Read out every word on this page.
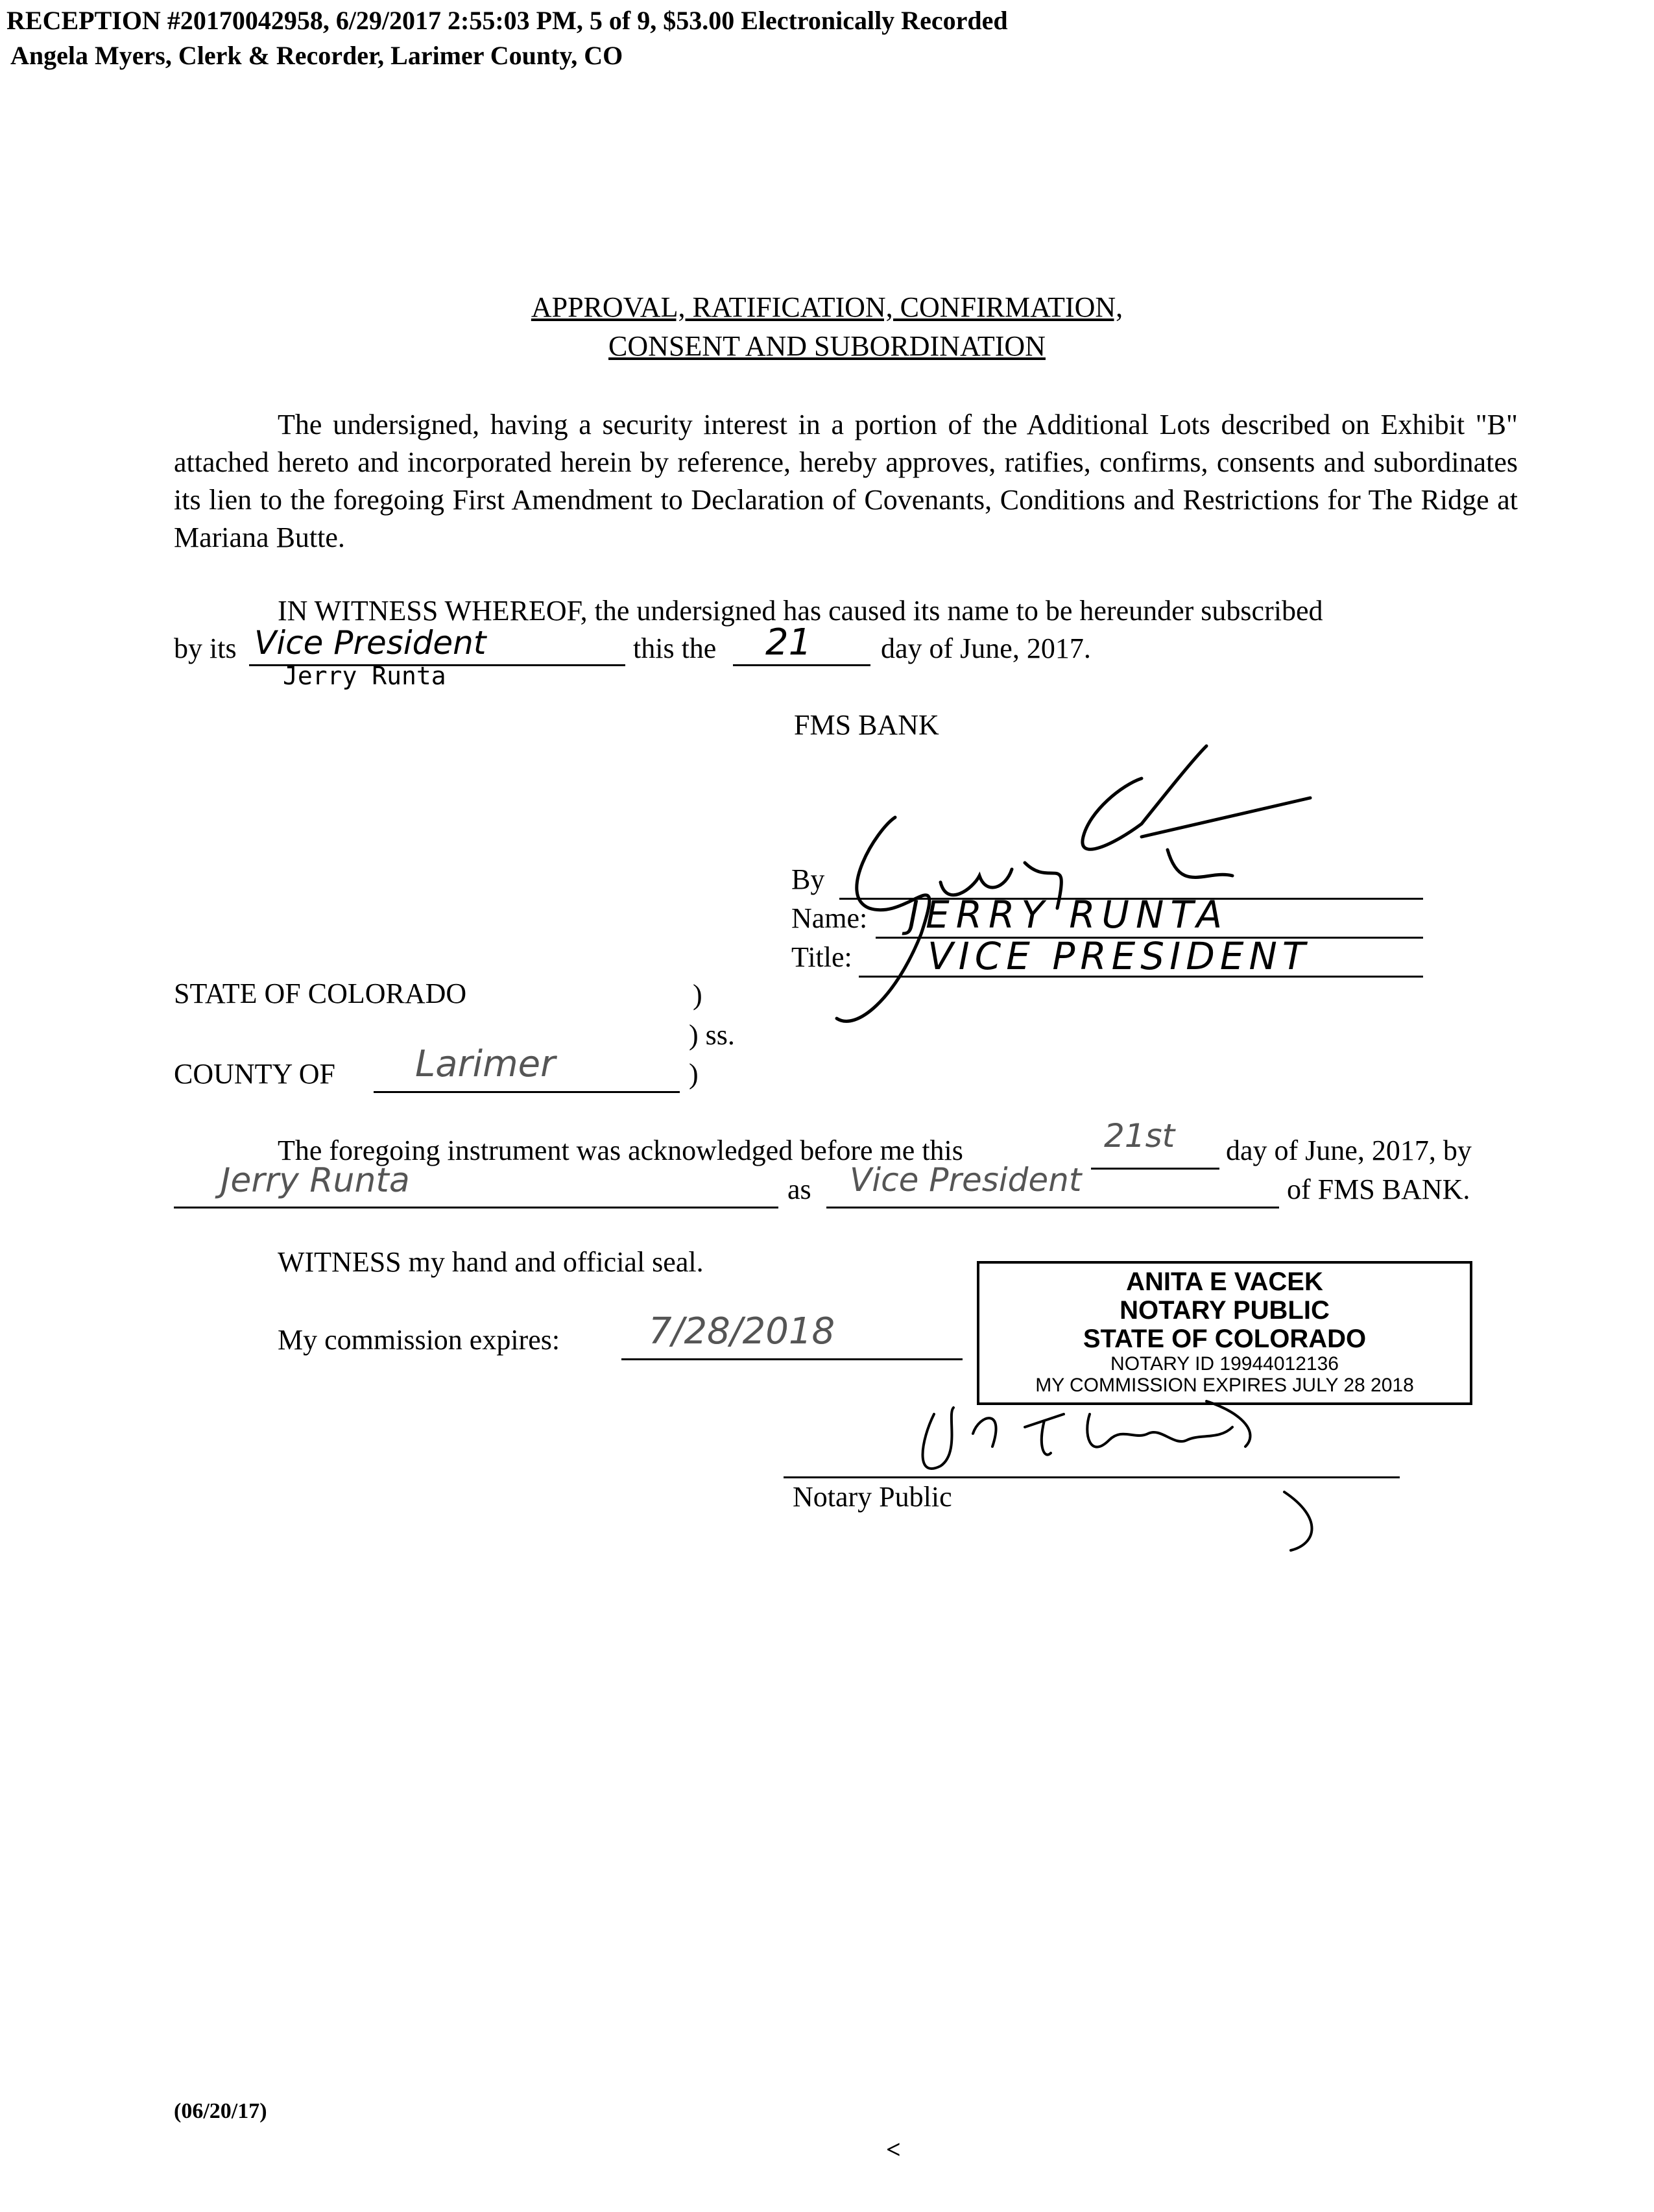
RECEPTION #20170042958, 6/29/2017 2:55:03 PM, 5 of 9, $53.00 Electronically Recorded
Angela Myers, Clerk & Recorder, Larimer County, CO
APPROVAL, RATIFICATION, CONFIRMATION,
CONSENT AND SUBORDINATION
The undersigned, having a security interest in a portion of the Additional Lots described on Exhibit "B" attached hereto and incorporated herein by reference, hereby approves, ratifies, confirms, consents and subordinates its lien to the foregoing First Amendment to Declaration of Covenants, Conditions and Restrictions for The Ridge at Mariana Butte.
IN WITNESS WHEREOF, the undersigned has caused its name to be hereunder subscribed
by its Vice President
Jerry Runta
this the 21 day of June, 2017.
FMS BANK
By
Name: JERRY RUNTA
Title: VICE PRESIDENT
STATE OF COLORADO	)
) ss.
COUNTY OF Larimer	)
The foregoing instrument was acknowledged before me this	21st day of June, 2017, by
Jerry Runta	as Vice President	of FMS BANK.
WITNESS my hand and official seal.
My commission expires: 7/28/2018
ANITA E VACEK
NOTARY PUBLIC
STATE OF COLORADO
NOTARY ID 19944012136
MY COMMISSION EXPIRES JULY 28 2018
Notary Public
(06/20/17)
<
